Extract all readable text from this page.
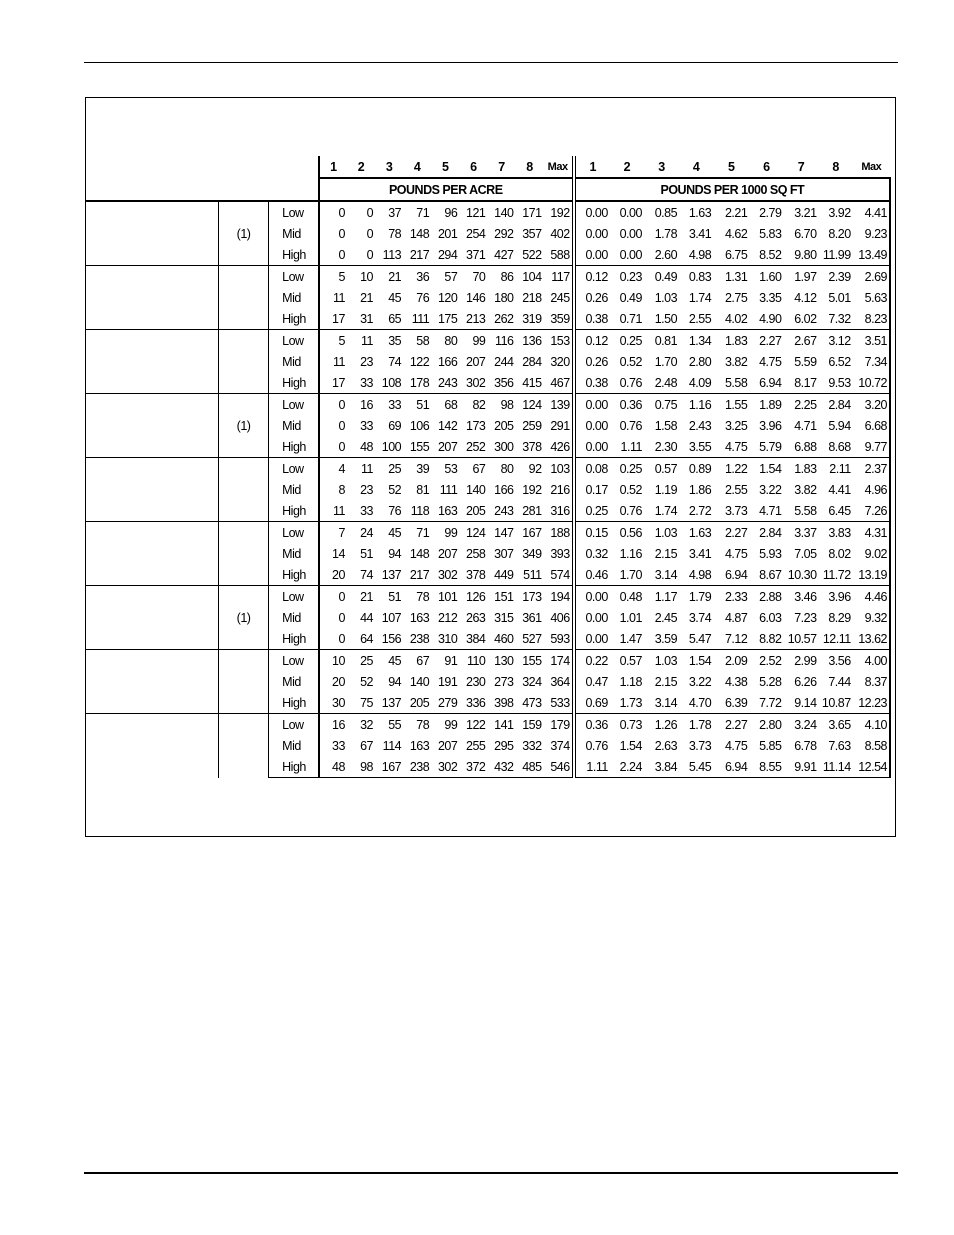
			1	2	3	4	5	6	7	8	Max	1	2	3	4	5	6	7	8	Max
			POUNDS PER ACRE									POUNDS PER 1000 SQ FT								
	(1)	Low	0	0	37	71	96	121	140	171	192	0.00	0.00	0.85	1.63	2.21	2.79	3.21	3.92	4.41
		Mid	0	0	78	148	201	254	292	357	402	0.00	0.00	1.78	3.41	4.62	5.83	6.70	8.20	9.23
		High	0	0	113	217	294	371	427	522	588	0.00	0.00	2.60	4.98	6.75	8.52	9.80	11.99	13.49
		Low	5	10	21	36	57	70	86	104	117	0.12	0.23	0.49	0.83	1.31	1.60	1.97	2.39	2.69
		Mid	11	21	45	76	120	146	180	218	245	0.26	0.49	1.03	1.74	2.75	3.35	4.12	5.01	5.63
		High	17	31	65	111	175	213	262	319	359	0.38	0.71	1.50	2.55	4.02	4.90	6.02	7.32	8.23
		Low	5	11	35	58	80	99	116	136	153	0.12	0.25	0.81	1.34	1.83	2.27	2.67	3.12	3.51
		Mid	11	23	74	122	166	207	244	284	320	0.26	0.52	1.70	2.80	3.82	4.75	5.59	6.52	7.34
		High	17	33	108	178	243	302	356	415	467	0.38	0.76	2.48	4.09	5.58	6.94	8.17	9.53	10.72
	(1)	Low	0	16	33	51	68	82	98	124	139	0.00	0.36	0.75	1.16	1.55	1.89	2.25	2.84	3.20
		Mid	0	33	69	106	142	173	205	259	291	0.00	0.76	1.58	2.43	3.25	3.96	4.71	5.94	6.68
		High	0	48	100	155	207	252	300	378	426	0.00	1.11	2.30	3.55	4.75	5.79	6.88	8.68	9.77
		Low	4	11	25	39	53	67	80	92	103	0.08	0.25	0.57	0.89	1.22	1.54	1.83	2.11	2.37
		Mid	8	23	52	81	111	140	166	192	216	0.17	0.52	1.19	1.86	2.55	3.22	3.82	4.41	4.96
		High	11	33	76	118	163	205	243	281	316	0.25	0.76	1.74	2.72	3.73	4.71	5.58	6.45	7.26
		Low	7	24	45	71	99	124	147	167	188	0.15	0.56	1.03	1.63	2.27	2.84	3.37	3.83	4.31
		Mid	14	51	94	148	207	258	307	349	393	0.32	1.16	2.15	3.41	4.75	5.93	7.05	8.02	9.02
		High	20	74	137	217	302	378	449	511	574	0.46	1.70	3.14	4.98	6.94	8.67	10.30	11.72	13.19
	(1)	Low	0	21	51	78	101	126	151	173	194	0.00	0.48	1.17	1.79	2.33	2.88	3.46	3.96	4.46
		Mid	0	44	107	163	212	263	315	361	406	0.00	1.01	2.45	3.74	4.87	6.03	7.23	8.29	9.32
		High	0	64	156	238	310	384	460	527	593	0.00	1.47	3.59	5.47	7.12	8.82	10.57	12.11	13.62
		Low	10	25	45	67	91	110	130	155	174	0.22	0.57	1.03	1.54	2.09	2.52	2.99	3.56	4.00
		Mid	20	52	94	140	191	230	273	324	364	0.47	1.18	2.15	3.22	4.38	5.28	6.26	7.44	8.37
		High	30	75	137	205	279	336	398	473	533	0.69	1.73	3.14	4.70	6.39	7.72	9.14	10.87	12.23
		Low	16	32	55	78	99	122	141	159	179	0.36	0.73	1.26	1.78	2.27	2.80	3.24	3.65	4.10
		Mid	33	67	114	163	207	255	295	332	374	0.76	1.54	2.63	3.73	4.75	5.85	6.78	7.63	8.58
		High	48	98	167	238	302	372	432	485	546	1.11	2.24	3.84	5.45	6.94	8.55	9.91	11.14	12.54
